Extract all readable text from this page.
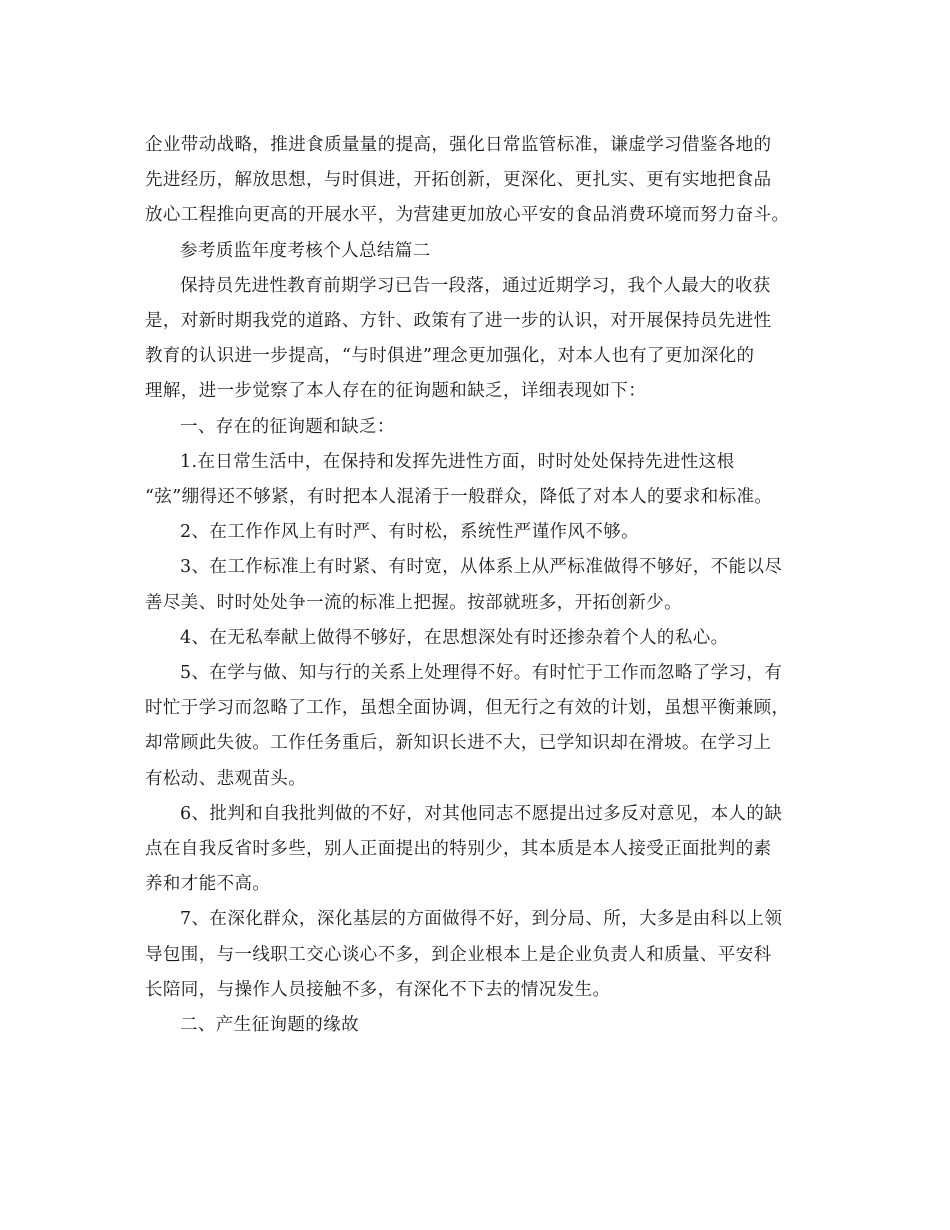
企业带动战略，推进食质量量的提高，强化日常监管标准，谦虚学习借鉴各地的
先进经历，解放思想，与时俱进，开拓创新，更深化、更扎实、更有实地把食品
放心工程推向更高的开展水平，为营建更加放心平安的食品消费环境而努力奋斗。
参考质监年度考核个人总结篇二
保持员先进性教育前期学习已告一段落，通过近期学习，我个人最大的收获
是，对新时期我党的道路、方针、政策有了进一步的认识，对开展保持员先进性
教育的认识进一步提高，“与时俱进”理念更加强化，对本人也有了更加深化的
理解，进一步觉察了本人存在的征询题和缺乏，详细表现如下：
一、存在的征询题和缺乏：
1.在日常生活中，在保持和发挥先进性方面，时时处处保持先进性这根
“弦”绷得还不够紧，有时把本人混淆于一般群众，降低了对本人的要求和标准。
2、在工作作风上有时严、有时松，系统性严谨作风不够。
3、在工作标准上有时紧、有时宽，从体系上从严标准做得不够好，不能以尽
善尽美、时时处处争一流的标准上把握。按部就班多，开拓创新少。
4、在无私奉献上做得不够好，在思想深处有时还掺杂着个人的私心。
5、在学与做、知与行的关系上处理得不好。有时忙于工作而忽略了学习，有
时忙于学习而忽略了工作，虽想全面协调，但无行之有效的计划，虽想平衡兼顾，
却常顾此失彼。工作任务重后，新知识长进不大，已学知识却在滑坡。在学习上
有松动、悲观苗头。
6、批判和自我批判做的不好，对其他同志不愿提出过多反对意见，本人的缺
点在自我反省时多些，别人正面提出的特别少，其本质是本人接受正面批判的素
养和才能不高。
7、在深化群众，深化基层的方面做得不好，到分局、所，大多是由科以上领
导包围，与一线职工交心谈心不多，到企业根本上是企业负责人和质量、平安科
长陪同，与操作人员接触不多，有深化不下去的情况发生。
二、产生征询题的缘故
